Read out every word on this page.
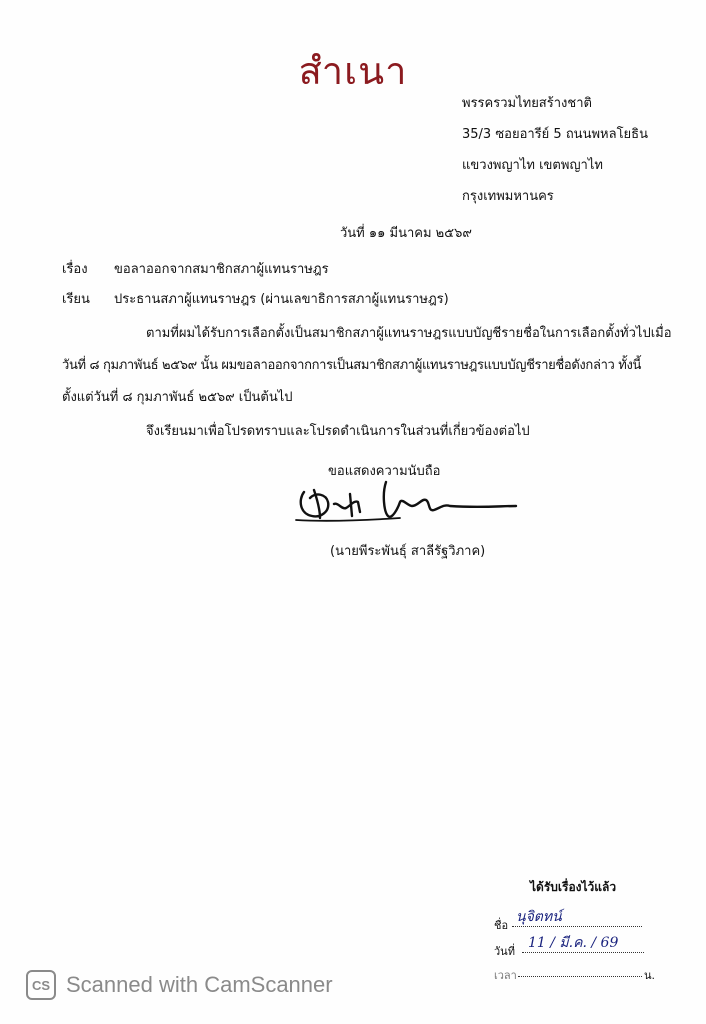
สำเนา
พรรครวมไทยสร้างชาติ
35/3 ซอยอารีย์ 5 ถนนพหลโยธิน
แขวงพญาไท เขตพญาไท
กรุงเทพมหานคร
วันที่ ๑๑ มีนาคม ๒๕๖๙
เรื่อง ขอลาออกจากสมาชิกสภาผู้แทนราษฎร
เรียน ประธานสภาผู้แทนราษฎร (ผ่านเลขาธิการสภาผู้แทนราษฎร)
ตามที่ผมได้รับการเลือกตั้งเป็นสมาชิกสภาผู้แทนราษฎรแบบบัญชีรายชื่อในการเลือกตั้งทั่วไปเมื่อ
วันที่ ๘ กุมภาพันธ์ ๒๕๖๙ นั้น ผมขอลาออกจากการเป็นสมาชิกสภาผู้แทนราษฎรแบบบัญชีรายชื่อดังกล่าว ทั้งนี้
ตั้งแต่วันที่ ๘ กุมภาพันธ์ ๒๕๖๙ เป็นต้นไป
จึงเรียนมาเพื่อโปรดทราบและโปรดดำเนินการในส่วนที่เกี่ยวข้องต่อไป
ขอแสดงความนับถือ
(นายพีระพันธุ์ สาลีรัฐวิภาค)
ได้รับเรื่องไว้แล้ว
ชื่อ
นุจิตทน์
วันที่
11 / มี.ค. / 69
เวลา	น.
CS Scanned with CamScanner
